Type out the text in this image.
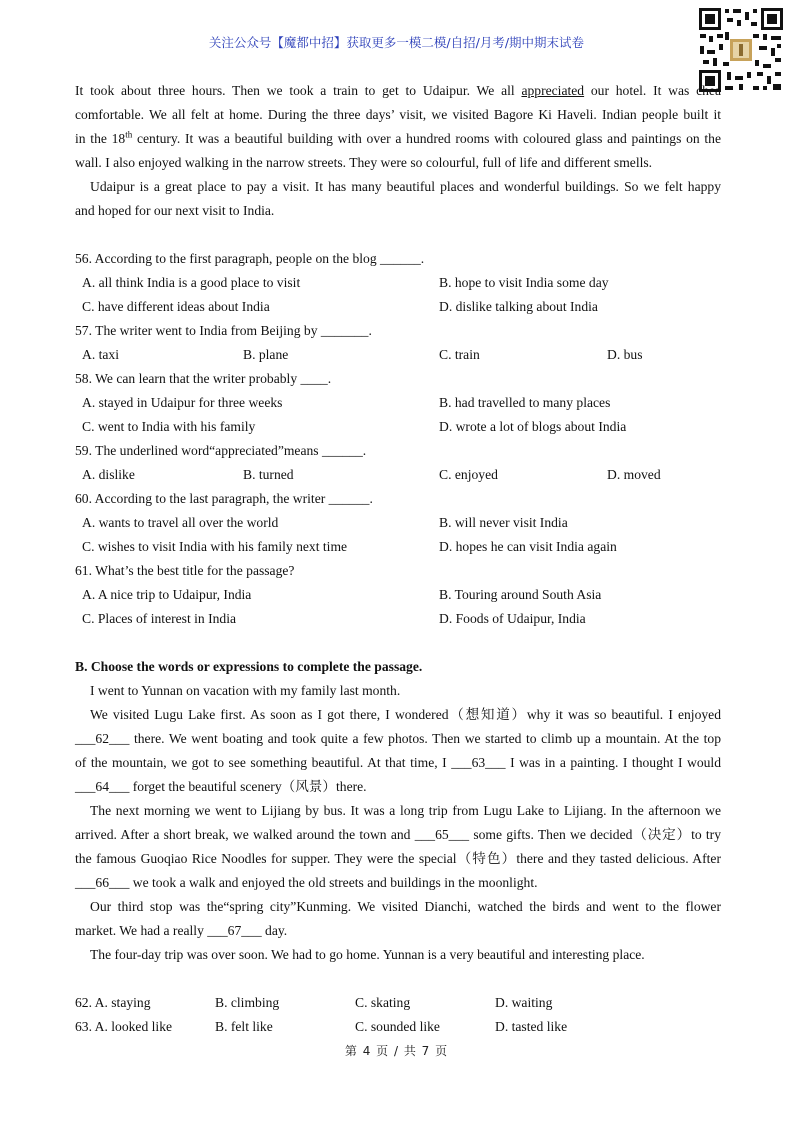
关注公众号【魔都中招】获取更多一模二模/自招/月考/期中期末试卷
It took about three hours. Then we took a train to get to Udaipur. We all appreciated our hotel. It was chea
comfortable. We all felt at home. During the three days’ visit, we visited Bagore Ki Haveli. Indian people built it
in the 18th century. It was a beautiful building with over a hundred rooms with coloured glass and paintings on the
wall. I also enjoyed walking in the narrow streets. They were so colourful, full of life and different smells.
Udaipur is a great place to pay a visit. It has many beautiful places and wonderful buildings. So we felt happy
and hoped for our next visit to India.
56. According to the first paragraph, people on the blog ______.
A. all think India is a good place to visit	B. hope to visit India some day
C. have different ideas about India	D. dislike talking about India
57. The writer went to India from Beijing by _______.
A. taxi	B. plane	C. train	D. bus
58. We can learn that the writer probably ____.
A. stayed in Udaipur for three weeks	B. had travelled to many places
C. went to India with his family	D. wrote a lot of blogs about India
59. The underlined word“appreciated”means ______.
A. dislike	B. turned	C. enjoyed	D. moved
60. According to the last paragraph, the writer ______.
A. wants to travel all over the world	B. will never visit India
C. wishes to visit India with his family next time	D. hopes he can visit India again
61. What’s the best title for the passage?
A. A nice trip to Udaipur, India	B. Touring around South Asia
C. Places of interest in India	D. Foods of Udaipur, India
B. Choose the words or expressions to complete the passage.
I went to Yunnan on vacation with my family last month.
We visited Lugu Lake first. As soon as I got there, I wondered（想知道）why it was so beautiful. I enjoyed
___62___ there. We went boating and took quite a few photos. Then we started to climb up a mountain. At the top
of the mountain, we got to see something beautiful. At that time, I ___63___ I was in a painting. I thought I would
___64___ forget the beautiful scenery（风景）there.
The next morning we went to Lijiang by bus. It was a long trip from Lugu Lake to Lijiang. In the afternoon we
arrived. After a short break, we walked around the town and ___65___ some gifts. Then we decided（决定）to try
the famous Guoqiao Rice Noodles for supper. They were the special（特色）there and they tasted delicious. After
___66___ we took a walk and enjoyed the old streets and buildings in the moonlight.
Our third stop was the“spring city”Kunming. We visited Dianchi, watched the birds and went to the flower
market. We had a really ___67___ day.
The four-day trip was over soon. We had to go home. Yunnan is a very beautiful and interesting place.
62. A. staying	B. climbing	C. skating	D. waiting
63. A. looked like	B. felt like	C. sounded like	D. tasted like
第 4 页 / 共 7 页
